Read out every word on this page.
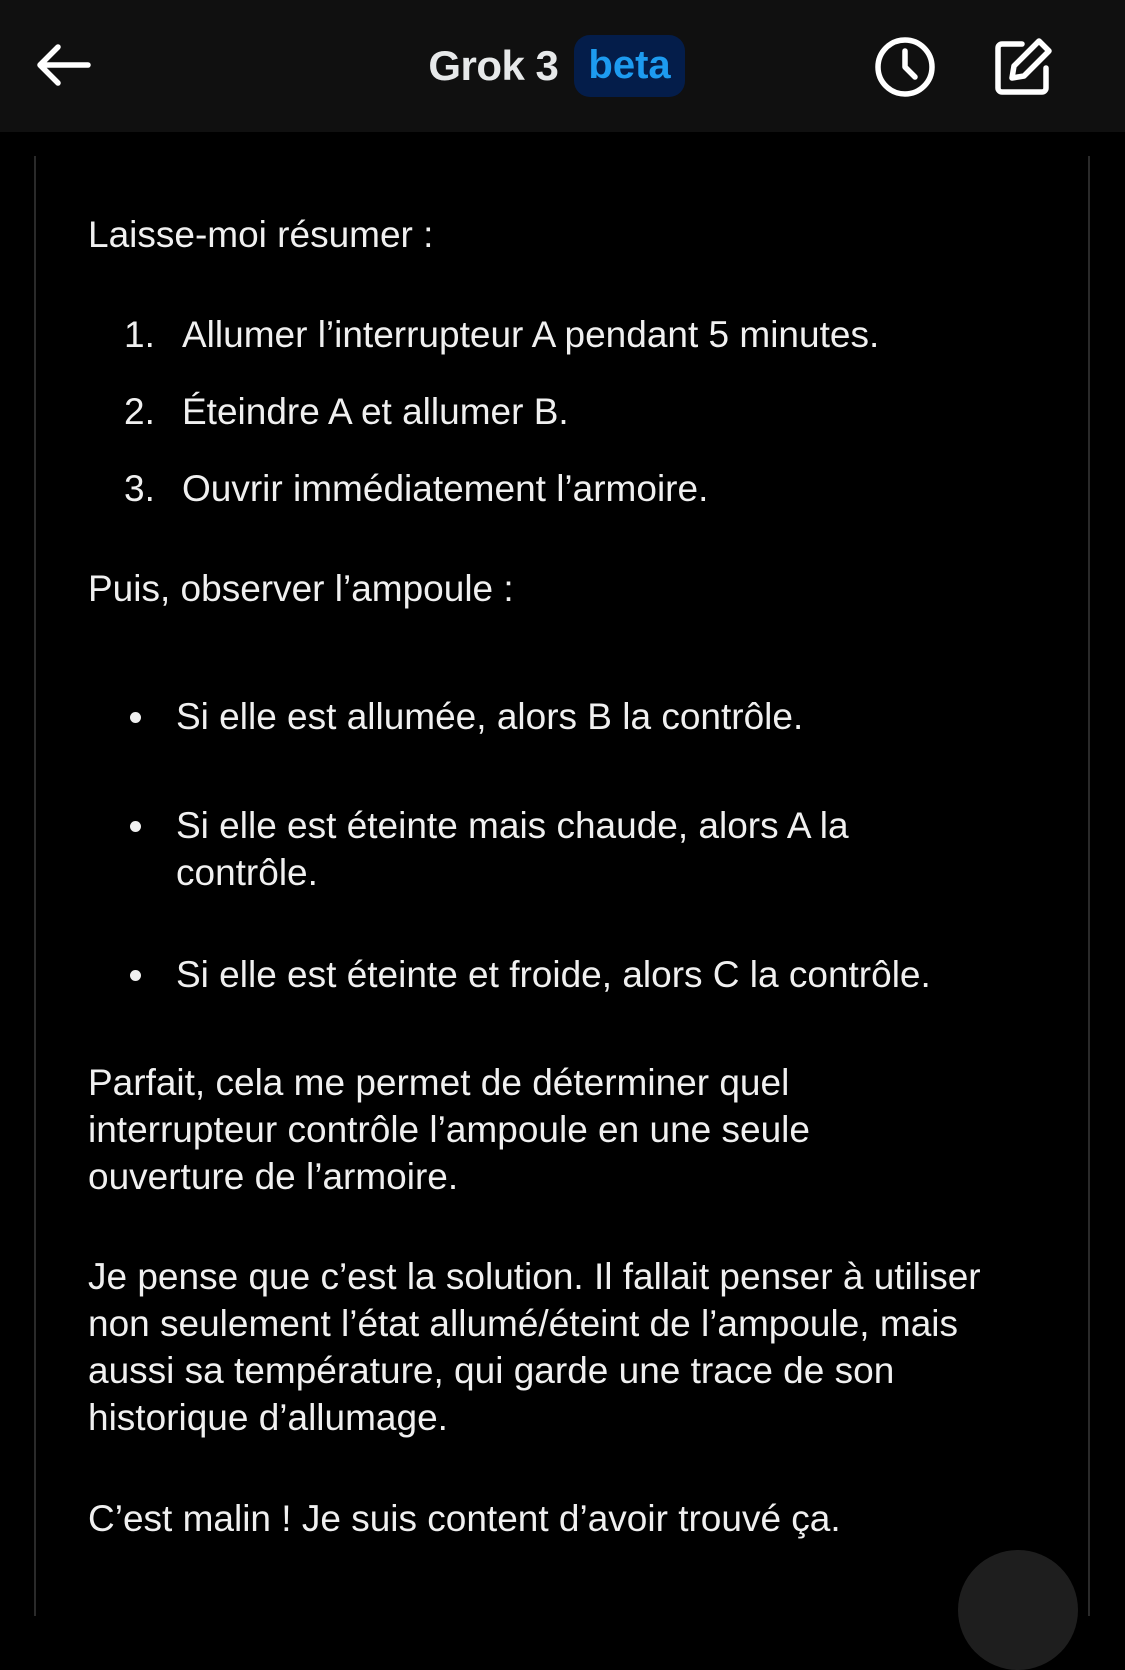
Grok 3 beta

Laisse-moi résumer :

1. Allumer l’interrupteur A pendant 5 minutes.
2. Éteindre A et allumer B.
3. Ouvrir immédiatement l’armoire.

Puis, observer l’ampoule :

Si elle est allumée, alors B la contrôle.
Si elle est éteinte mais chaude, alors A la contrôle.
Si elle est éteinte et froide, alors C la contrôle.

Parfait, cela me permet de déterminer quel interrupteur contrôle l’ampoule en une seule ouverture de l’armoire.

Je pense que c’est la solution. Il fallait penser à utiliser non seulement l’état allumé/éteint de l’ampoule, mais aussi sa température, qui garde une trace de son historique d’allumage.

C’est malin ! Je suis content d’avoir trouvé ça.
